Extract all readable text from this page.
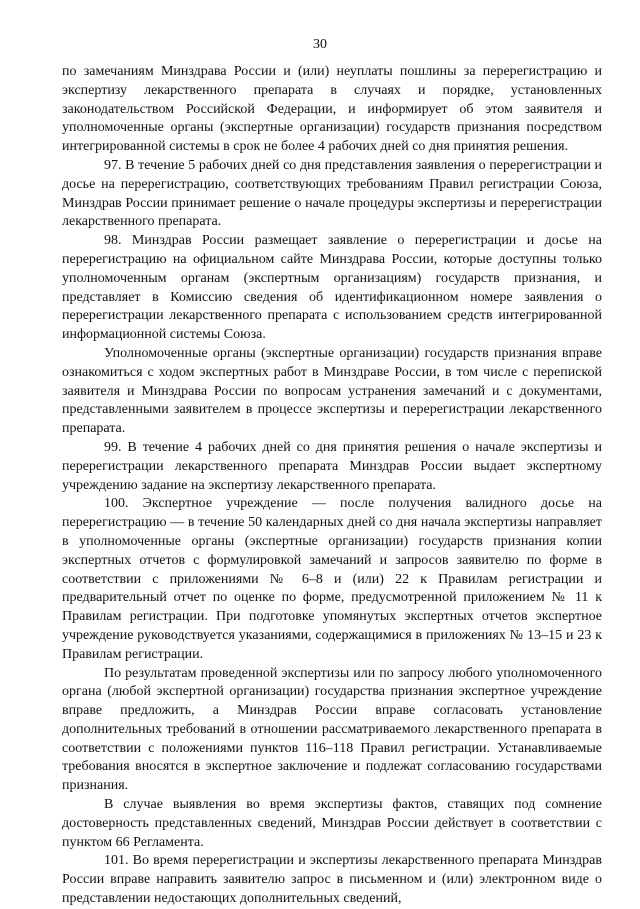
30

по замечаниям Минздрава России и (или) неуплаты пошлины за перерегистрацию и экспертизу лекарственного препарата в случаях и порядке, установленных законодательством Российской Федерации, и информирует об этом заявителя и уполномоченные органы (экспертные организации) государств признания посредством интегрированной системы в срок не более 4 рабочих дней со дня принятия решения.

97. В течение 5 рабочих дней со дня представления заявления о перерегистрации и досье на перерегистрацию, соответствующих требованиям Правил регистрации Союза, Минздрав России принимает решение о начале процедуры экспертизы и перерегистрации лекарственного препарата.

98. Минздрав России размещает заявление о перерегистрации и досье на перерегистрацию на официальном сайте Минздрава России, которые доступны только уполномоченным органам (экспертным организациям) государств признания, и представляет в Комиссию сведения об идентификационном номере заявления о перерегистрации лекарственного препарата с использованием средств интегрированной информационной системы Союза.

Уполномоченные органы (экспертные организации) государств признания вправе ознакомиться с ходом экспертных работ в Минздраве России, в том числе с перепиской заявителя и Минздрава России по вопросам устранения замечаний и с документами, представленными заявителем в процессе экспертизы и перерегистрации лекарственного препарата.

99. В течение 4 рабочих дней со дня принятия решения о начале экспертизы и перерегистрации лекарственного препарата Минздрав России выдает экспертному учреждению задание на экспертизу лекарственного препарата.

100. Экспертное учреждение — после получения валидного досье на перерегистрацию — в течение 50 календарных дней со дня начала экспертизы направляет в уполномоченные органы (экспертные организации) государств признания копии экспертных отчетов с формулировкой замечаний и запросов заявителю по форме в соответствии с приложениями № 6–8 и (или) 22 к Правилам регистрации и предварительный отчет по оценке по форме, предусмотренной приложением № 11 к Правилам регистрации. При подготовке упомянутых экспертных отчетов экспертное учреждение руководствуется указаниями, содержащимися в приложениях № 13–15 и 23 к Правилам регистрации.

По результатам проведенной экспертизы или по запросу любого уполномоченного органа (любой экспертной организации) государства признания экспертное учреждение вправе предложить, а Минздрав России вправе согласовать установление дополнительных требований в отношении рассматриваемого лекарственного препарата в соответствии с положениями пунктов 116–118 Правил регистрации. Устанавливаемые требования вносятся в экспертное заключение и подлежат согласованию государствами признания.

В случае выявления во время экспертизы фактов, ставящих под сомнение достоверность представленных сведений, Минздрав России действует в соответствии с пунктом 66 Регламента.

101. Во время перерегистрации и экспертизы лекарственного препарата Минздрав России вправе направить заявителю запрос в письменном и (или) электронном виде о представлении недостающих дополнительных сведений,
